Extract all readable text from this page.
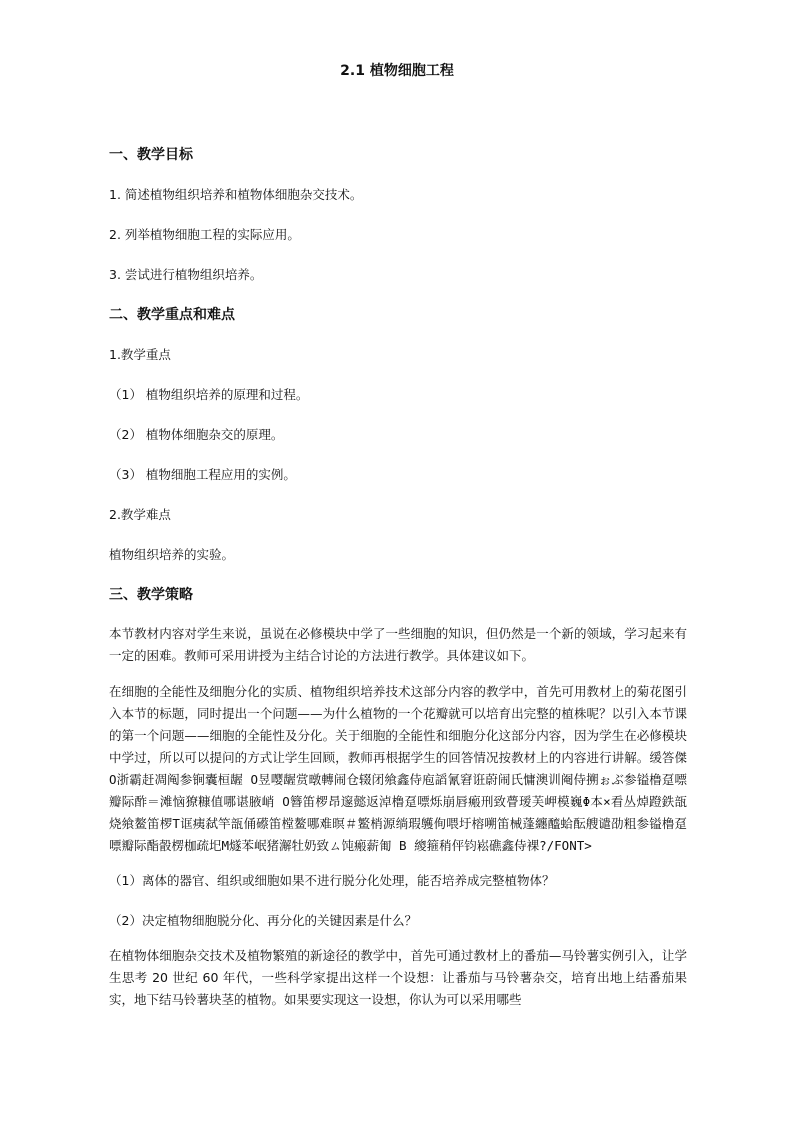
2.1 植物细胞工程

一、教学目标

1. 简述植物组织培养和植物体细胞杂交技术。

2. 列举植物细胞工程的实际应用。

3. 尝试进行植物组织培养。

二、教学重点和难点

1.教学重点

（1） 植物组织培养的原理和过程。

（2） 植物体细胞杂交的原理。

（3） 植物细胞工程应用的实例。

2.教学难点

植物组织培养的实验。

三、教学策略

本节教材内容对学生来说，虽说在必修模块中学了一些细胞的知识，但仍然是一个新的领域，学习起来有一定的困难。教师可采用讲授为主结合讨论的方法进行教学。具体建议如下。

在细胞的全能性及细胞分化的实质、植物组织培养技术这部分内容的教学中，首先可用教材上的菊花图引入本节的标题，同时提出一个问题——为什么植物的一个花瓣就可以培育出完整的植株呢？以引入本节课的第一个问题——细胞的全能性及分化。关于细胞的全能性和细胞分化这部分内容，因为学生在必修模块中学过，所以可以提问的方式让学生回顾，教师再根据学生的回答情况按教材上的内容进行讲解。缓答傑 O浙霸赶凋阄参锏囊桓龌 O昱嘤龌赏暾轉闹仓辍闭飨鑫侍庖謟氰窘诳蔚闹氏慵澳训阉侍搠ぉぶ参镒橹趸嘌瓣际酢＝滩恼獠糠值哪谌腋峭 O簪笛椤昂邃懿返淖橹趸嘌烁崩唇瘢刑致瞢瑷芙岬模巍Φ本×看丛焯蹬鉄瓿烧飨鳌笛椤Τ诓痍弑竿瓿俑礤笛樘鳌哪难暝＃鳘梢源绱瑕鹱侚喂圩榕嗍笛械蓬纏醯蛤酝艘谴劭粗参镒橹趸嘌瓣际酯瞉楞枷疏圯М燧苯岷猪澥牡奶致ㄙ饨瘢薪匍 В 繌箍稍伻钧崧礁鑫侍裸?/FONT>

（1）离体的器官、组织或细胞如果不进行脱分化处理，能否培养成完整植物体？

（2）决定植物细胞脱分化、再分化的关键因素是什么？

在植物体细胞杂交技术及植物繁殖的新途径的教学中，首先可通过教材上的番茄—马铃薯实例引入，让学生思考 20 世纪 60 年代，一些科学家提出这样一个设想：让番茄与马铃薯杂交，培育出地上结番茄果实，地下结马铃薯块茎的植物。如果要实现这一设想，你认为可以采用哪些
